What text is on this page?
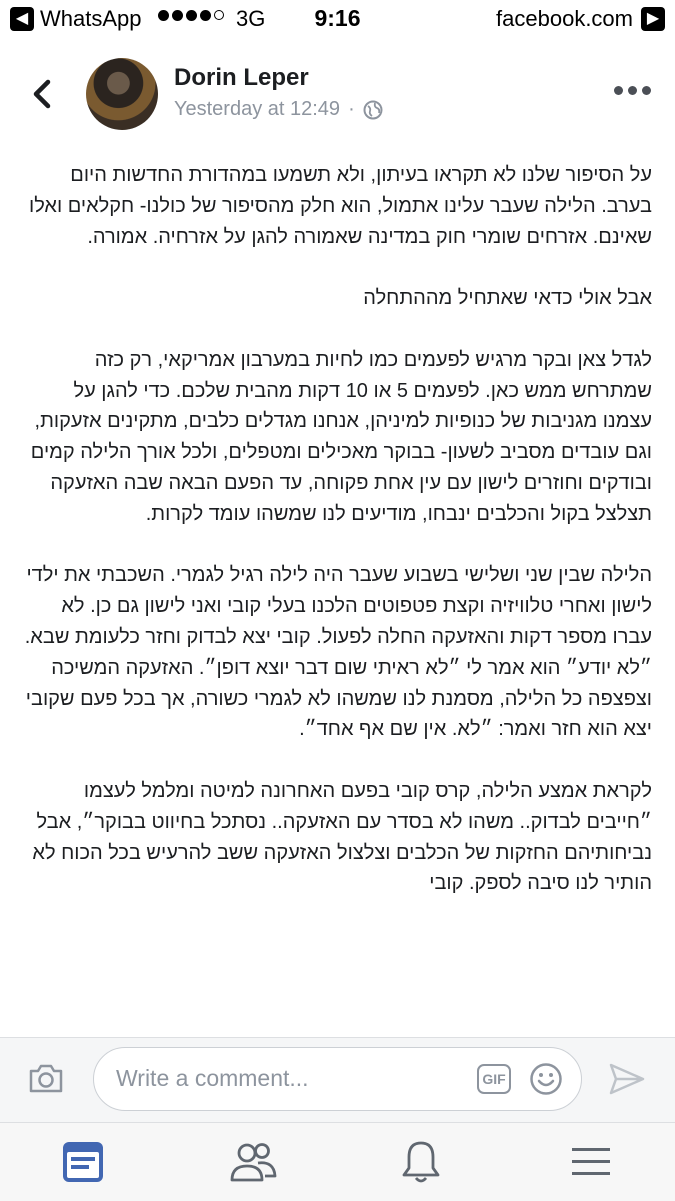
◀ WhatsApp	3G	9:16	facebook.com ▶
Dorin Leper
Yesterday at 12:49 ·

על הסיפור שלנו לא תקראו בעיתון, ולא תשמעו במהדורת החדשות היום בערב. הלילה שעבר עלינו אתמול, הוא חלק מהסיפור של כולנו- חקלאים ואלו שאינם. אזרחים שומרי חוק במדינה שאמורה להגן על אזרחיה. אמורה.

אבל אולי כדאי שאתחיל מההתחלה

לגדל צאן ובקר מרגיש לפעמים כמו לחיות במערבון אמריקאי, רק כזה שמתרחש ממש כאן. לפעמים 5 או 10 דקות מהבית שלכם. כדי להגן על עצמנו מגניבות של כנופיות למיניהן, אנחנו מגדלים כלבים, מתקינים אזעקות, וגם עובדים מסביב לשעון- בבוקר מאכילים ומטפלים, ולכל אורך הלילה קמים ובודקים וחוזרים לישון עם עין אחת פקוחה, עד הפעם הבאה שבה האזעקה תצלצל בקול והכלבים ינבחו, מודיעים לנו שמשהו עומד לקרות.

הלילה שבין שני ושלישי בשבוע שעבר היה לילה רגיל לגמרי. השכבתי את ילדי לישון ואחרי טלוויזיה וקצת פטפוטים הלכנו בעלי קובי ואני לישון גם כן. לא עברו מספר דקות והאזעקה החלה לפעול. קובי יצא לבדוק וחזר כלעומת שבא. ״לא יודע״ הוא אמר לי ״לא ראיתי שום דבר יוצא דופן״. האזעקה המשיכה וצפצפה כל הלילה, מסמנת לנו שמשהו לא לגמרי כשורה, אך בכל פעם שקובי יצא הוא חזר ואמר: ״לא. אין שם אף אחד״.

לקראת אמצע הלילה, קרס קובי בפעם האחרונה למיטה ומלמל לעצמו ״חייבים לבדוק.. משהו לא בסדר עם האזעקה.. נסתכל בחיווט בבוקר״, אבל נביחותיהם החזקות של הכלבים וצלצול האזעקה ששב להרעיש בכל הכוח לא הותיר לנו סיבה לספק. קובי

Write a comment...	GIF
